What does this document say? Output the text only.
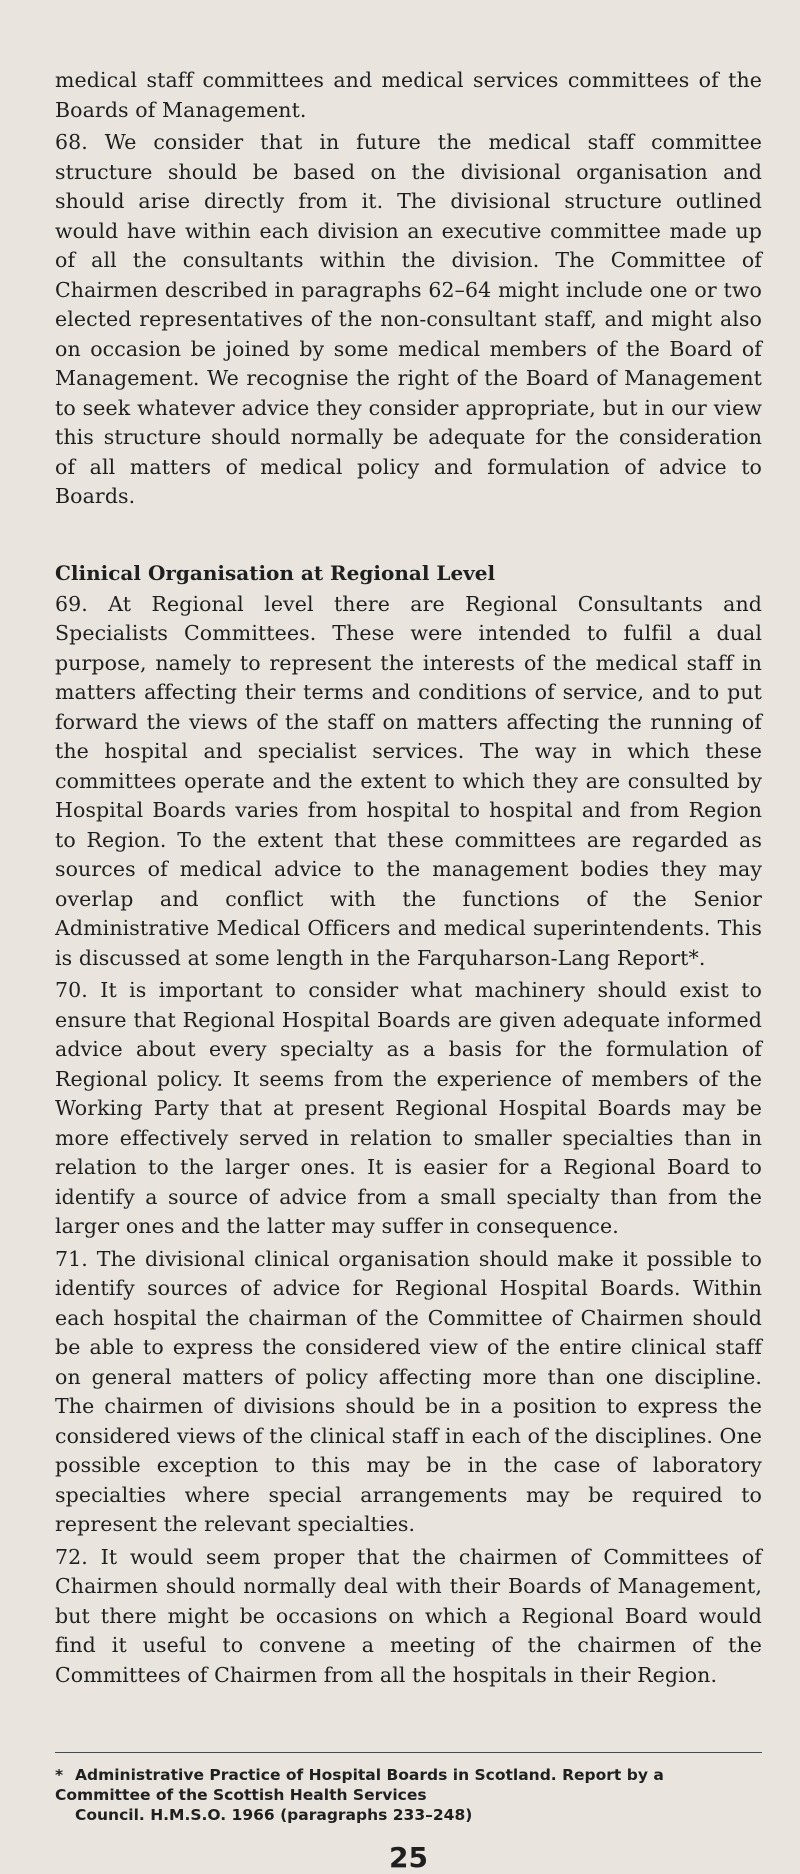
medical staff committees and medical services committees of the Boards of Management.

68. We consider that in future the medical staff committee structure should be based on the divisional organisation and should arise directly from it. The divisional structure outlined would have within each division an executive committee made up of all the consultants within the division. The Committee of Chairmen described in paragraphs 62–64 might include one or two elected representatives of the non-consultant staff, and might also on occasion be joined by some medical members of the Board of Management. We recognise the right of the Board of Management to seek whatever advice they consider appropriate, but in our view this structure should normally be adequate for the consideration of all matters of medical policy and formulation of advice to Boards.

Clinical Organisation at Regional Level

69. At Regional level there are Regional Consultants and Specialists Committees. These were intended to fulfil a dual purpose, namely to represent the interests of the medical staff in matters affecting their terms and conditions of service, and to put forward the views of the staff on matters affecting the running of the hospital and specialist services. The way in which these committees operate and the extent to which they are consulted by Hospital Boards varies from hospital to hospital and from Region to Region. To the extent that these committees are regarded as sources of medical advice to the management bodies they may overlap and conflict with the functions of the Senior Administrative Medical Officers and medical superintendents. This is discussed at some length in the Farquharson-Lang Report*.

70. It is important to consider what machinery should exist to ensure that Regional Hospital Boards are given adequate informed advice about every specialty as a basis for the formulation of Regional policy. It seems from the experience of members of the Working Party that at present Regional Hospital Boards may be more effectively served in relation to smaller specialties than in relation to the larger ones. It is easier for a Regional Board to identify a source of advice from a small specialty than from the larger ones and the latter may suffer in consequence.

71. The divisional clinical organisation should make it possible to identify sources of advice for Regional Hospital Boards. Within each hospital the chairman of the Committee of Chairmen should be able to express the considered view of the entire clinical staff on general matters of policy affecting more than one discipline. The chairmen of divisions should be in a position to express the considered views of the clinical staff in each of the disciplines. One possible exception to this may be in the case of laboratory specialties where special arrangements may be required to represent the relevant specialties.

72. It would seem proper that the chairmen of Committees of Chairmen should normally deal with their Boards of Management, but there might be occasions on which a Regional Board would find it useful to convene a meeting of the chairmen of the Committees of Chairmen from all the hospitals in their Region.

* Administrative Practice of Hospital Boards in Scotland. Report by a Committee of the Scottish Health Services
Council. H.M.S.O. 1966 (paragraphs 233–248)
25
